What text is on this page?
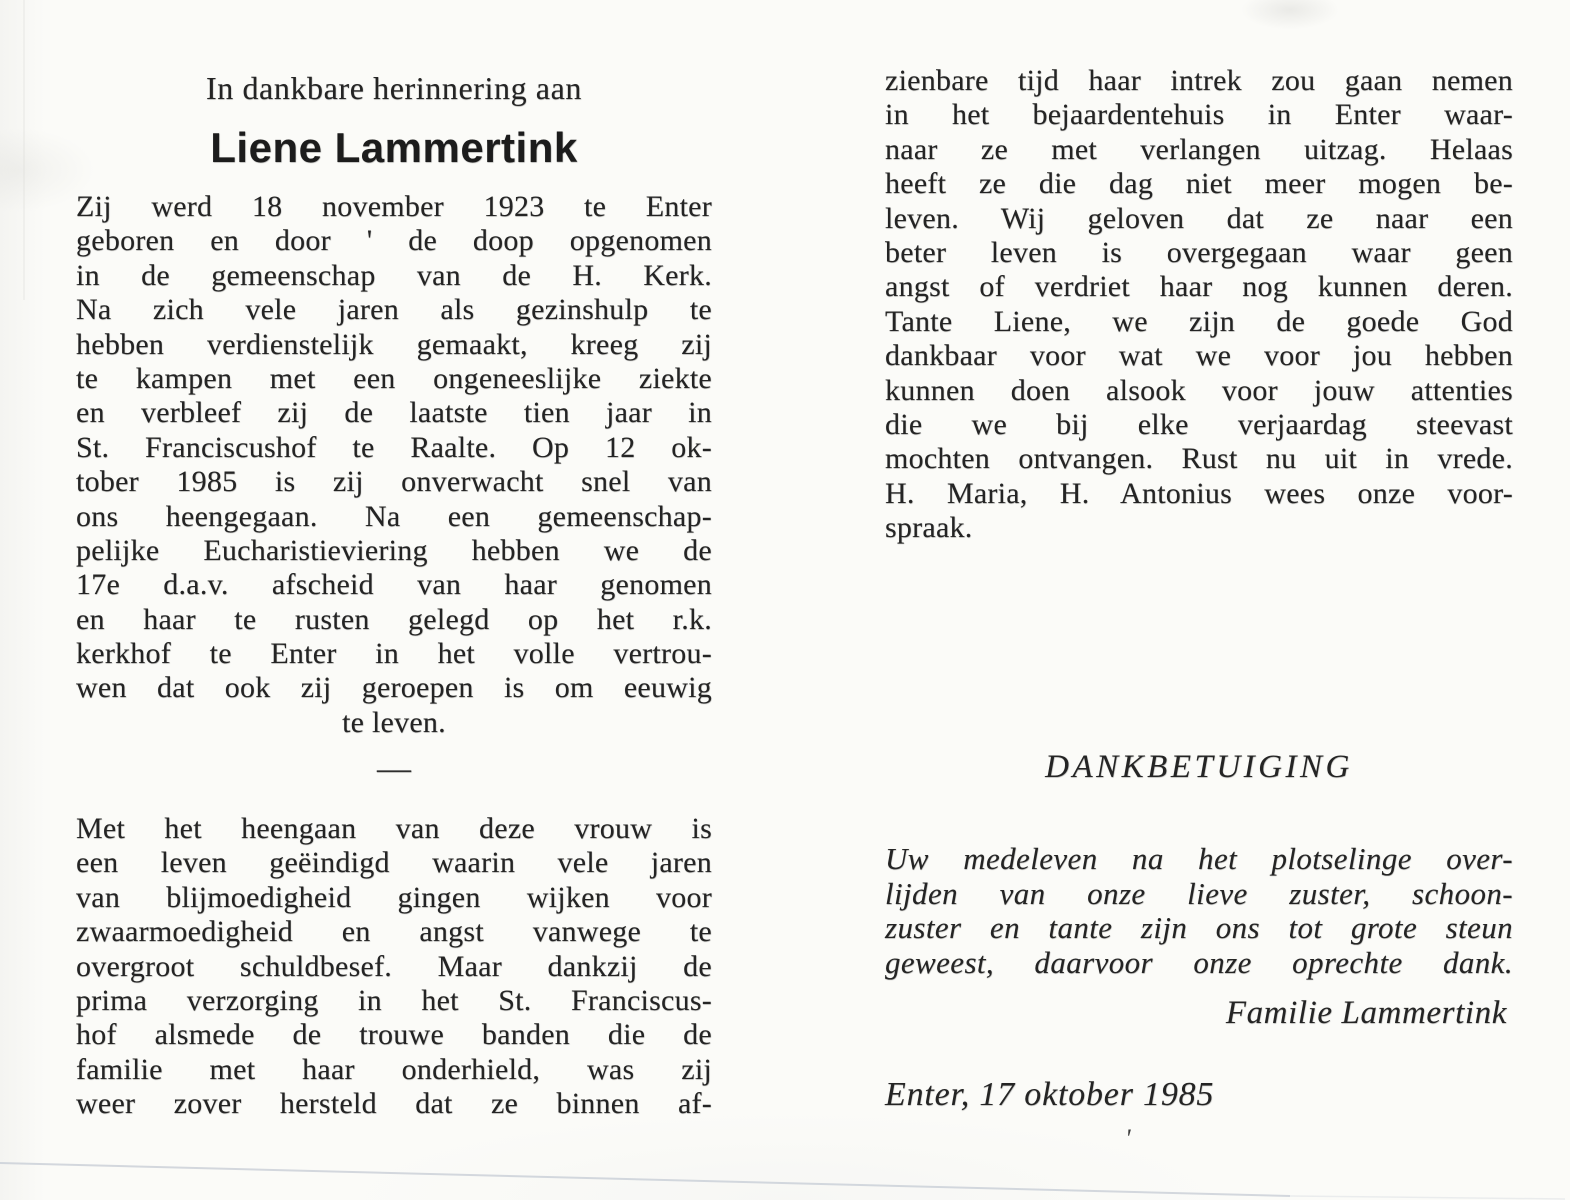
In dankbare herinnering aan
Liene Lammertink
Zij werd 18 november 1923 te Enter
geboren en door ' de doop opgenomen
in de gemeenschap van de H. Kerk.
Na zich vele jaren als gezinshulp te
hebben verdienstelijk gemaakt, kreeg zij
te kampen met een ongeneeslijke ziekte
en verbleef zij de laatste tien jaar in
St. Franciscushof te Raalte. Op 12 ok-
tober 1985 is zij onverwacht snel van
ons heengegaan. Na een gemeenschap-
pelijke Eucharistieviering hebben we de
17e d.a.v. afscheid van haar genomen
en haar te rusten gelegd op het r.k.
kerkhof te Enter in het volle vertrou-
wen dat ook zij geroepen is om eeuwig
te leven.
—
Met het heengaan van deze vrouw is
een leven geëindigd waarin vele jaren
van blijmoedigheid gingen wijken voor
zwaarmoedigheid en angst vanwege te
overgroot schuldbesef. Maar dankzij de
prima verzorging in het St. Franciscus-
hof alsmede de trouwe banden die de
familie met haar onderhield, was zij
weer zover hersteld dat ze binnen af-
zienbare tijd haar intrek zou gaan nemen
in het bejaardentehuis in Enter waar-
naar ze met verlangen uitzag. Helaas
heeft ze die dag niet meer mogen be-
leven. Wij geloven dat ze naar een
beter leven is overgegaan waar geen
angst of verdriet haar nog kunnen deren.
Tante Liene, we zijn de goede God
dankbaar voor wat we voor jou hebben
kunnen doen alsook voor jouw attenties
die we bij elke verjaardag steevast
mochten ontvangen. Rust nu uit in vrede.
H. Maria, H. Antonius wees onze voor-
spraak.
DANKBETUIGING
Uw medeleven na het plotselinge over-
lijden van onze lieve zuster, schoon-
zuster en tante zijn ons tot grote steun
geweest, daarvoor onze oprechte dank.
Familie Lammertink
Enter, 17 oktober 1985
'
